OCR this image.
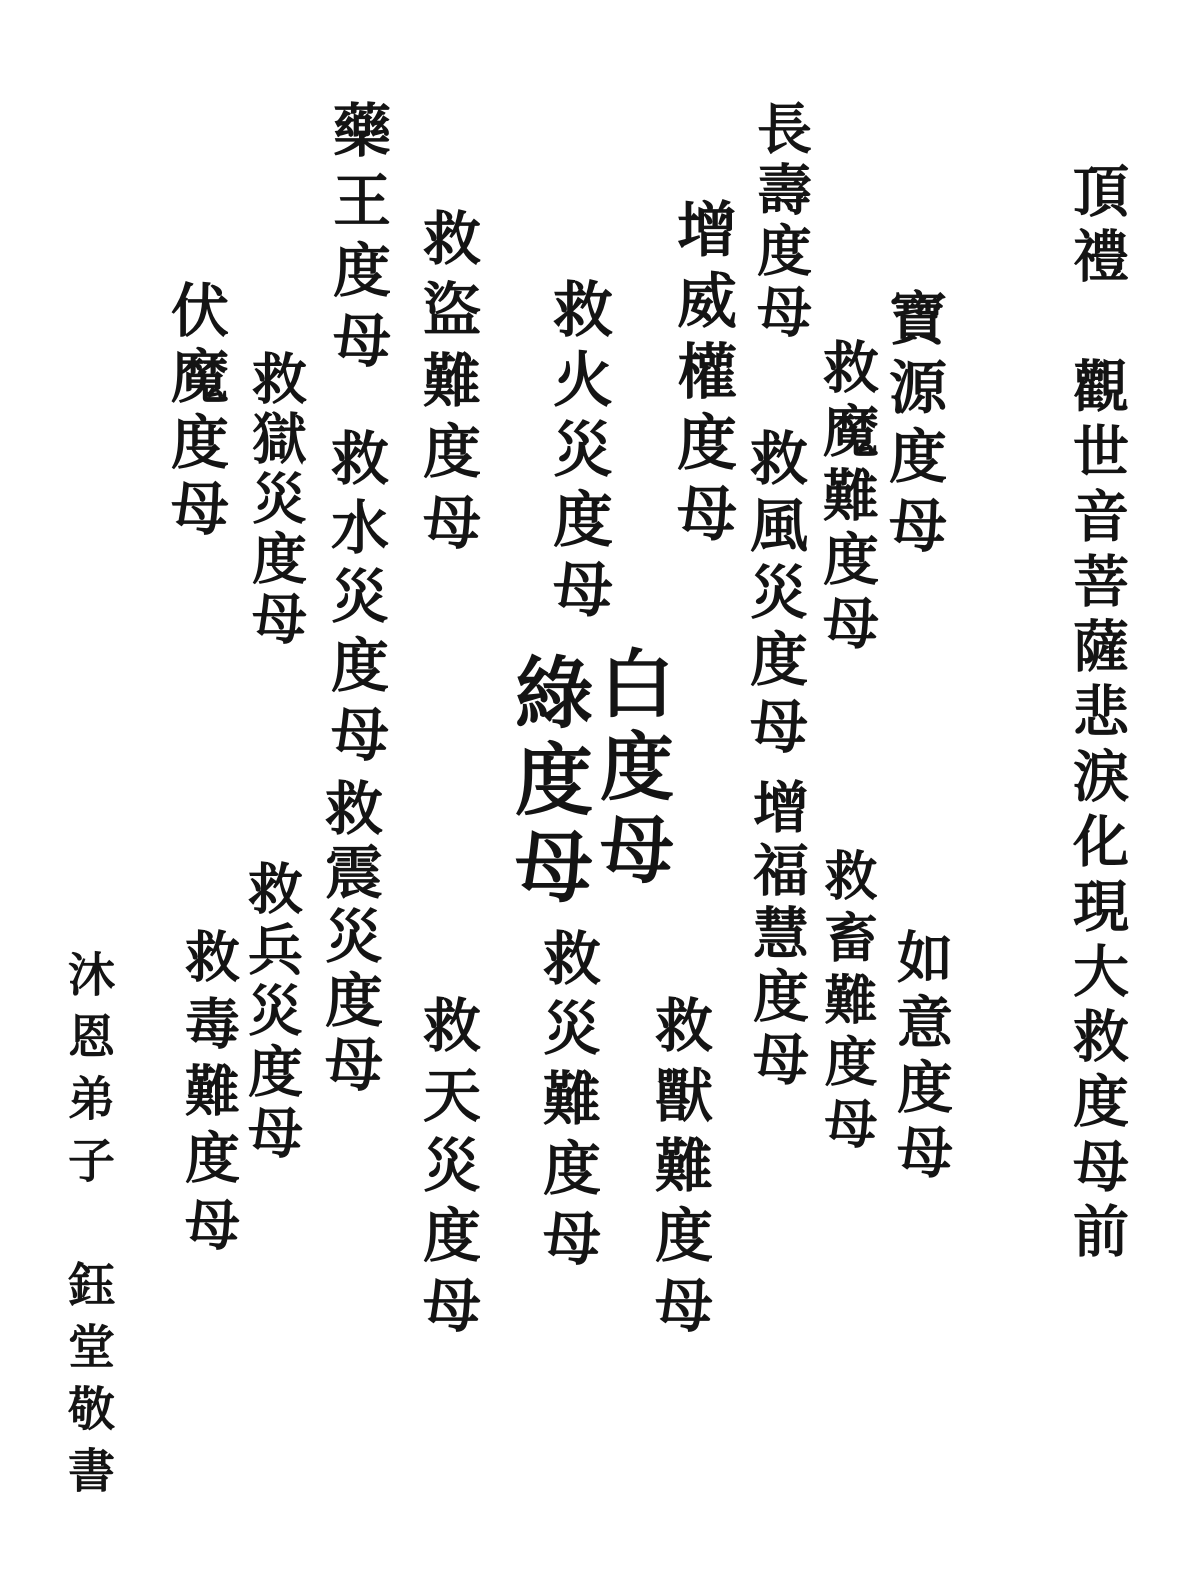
頂禮　觀世音菩薩悲淚化現大救度母前
寶源度母
救魔難度母
長壽度母
救風災度母
增福慧度母
增威權度母
救火災度母
白度母
綠度母
救災難度母 救獸難度母	如意度母
救畜難度母
藥王度母 救盜難度母
救水災度母
救震災度母
伏魔度母 救獄災度母
救兵災度母
救毒難度母	救天災度母
沐恩弟子　鈺堂敬書
